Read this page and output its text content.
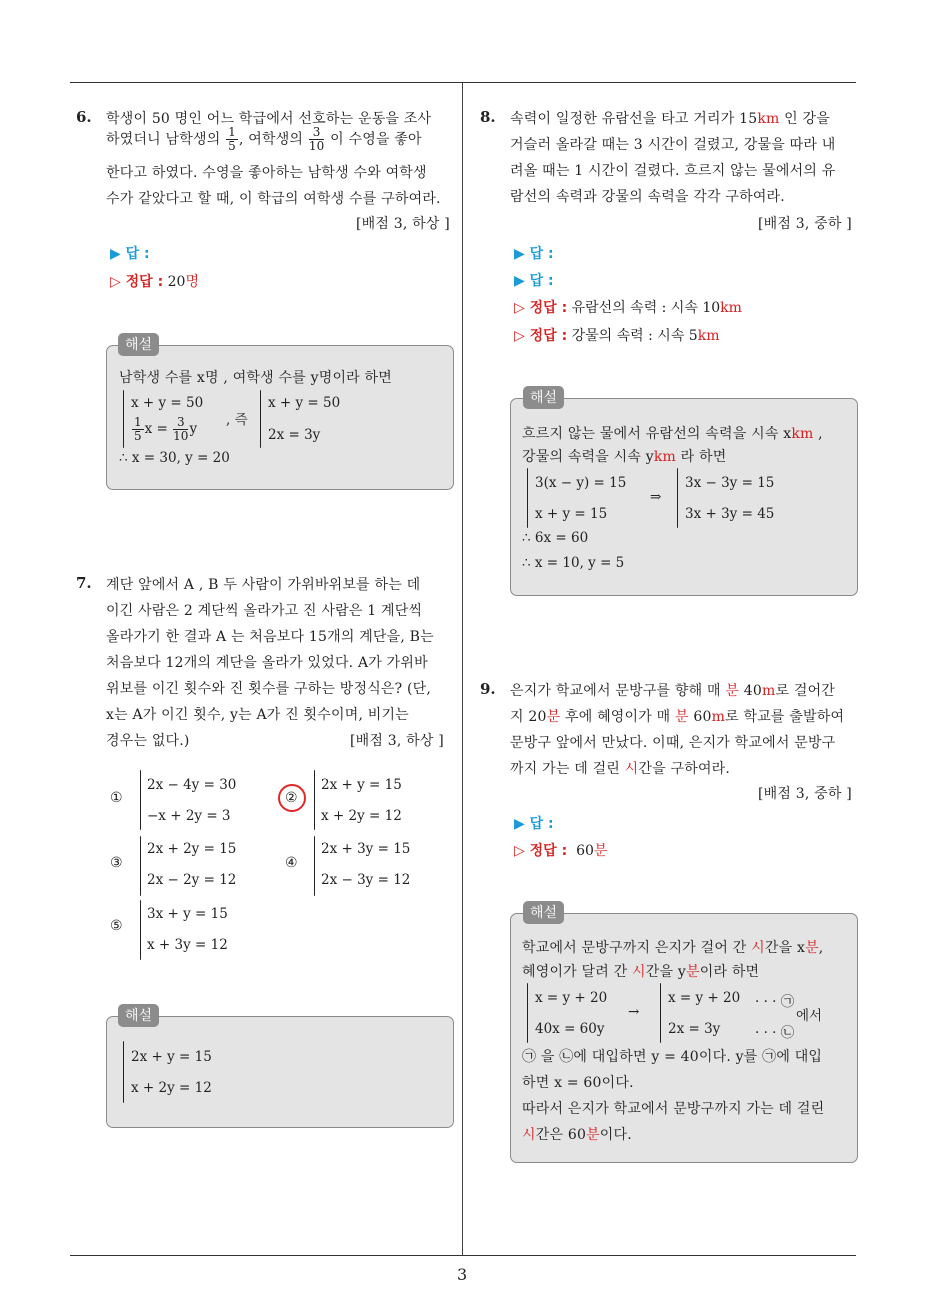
3
6. 학생이 50 명인 어느 학급에서 선호하는 운동을 조사
하였더니 남학생의 $\frac{1}{5}$ , 여학생의 $\frac{3}{10}$ 이 수영을 좋아
한다고 하였다. 수영을 좋아하는 남학생 수와 여학생
수가 같았다고 할 때, 이 학급의 여학생 수를 구하여라.
[배점 3, 하상 ]
▶ 답 :
▷ 정답 : 20명
해설
남학생 수를 x명 , 여학생 수를 y명이라 하면
x + y = 50
$\frac{1}{5}$ $x = \frac{3}{10}$ y
, 즉
x + y = 50
2x = 3y
∴ x = 30, y = 20
7. 계단 앞에서 A , B 두 사람이 가위바위보를 하는 데
이긴 사람은 2 계단씩 올라가고 진 사람은 1 계단씩
올라가기 한 결과 A 는 처음보다 15개의 계단을, B는
처음보다 12개의 계단을 올라가 있었다. A가 가위바
위보를 이긴 횟수와 진 횟수를 구하는 방정식은? (단,
x는 A가 이긴 횟수, y는 A가 진 횟수이며, 비기는
경우는 없다.)	[배점 3, 하상 ]
①
2x − 4y = 30
−x + 2y = 3
②
2x + y = 15
x + 2y = 12
③
2x + 2y = 15
2x − 2y = 12
④
2x + 3y = 15
2x − 3y = 12
⑤
3x + y = 15
x + 3y = 12
해설
2x + y = 15
x + 2y = 12
8. 속력이 일정한 유람선을 타고 거리가 15km 인 강을
거슬러 올라갈 때는 3 시간이 걸렸고, 강물을 따라 내
려올 때는 1 시간이 걸렸다. 흐르지 않는 물에서의 유
람선의 속력과 강물의 속력을 각각 구하여라.
[배점 3, 중하 ]
▶ 답 :
▶ 답 :
▷ 정답 : 유람선의 속력 : 시속 10km
▷ 정답 : 강물의 속력 : 시속 5km
해설
흐르지 않는 물에서 유람선의 속력을 시속 xkm ,
강물의 속력을 시속 ykm 라 하면
3(x − y) = 15
x + y = 15
⇒
3x − 3y = 15
3x + 3y = 45
∴ 6x = 60
∴ x = 10, y = 5
9. 은지가 학교에서 문방구를 향해 매 분 40m로 걸어간
지 20분 후에 혜영이가 매 분 60m로 학교를 출발하여
문방구 앞에서 만났다. 이때, 은지가 학교에서 문방구
까지 가는 데 걸린 시간을 구하여라.
[배점 3, 중하 ]
▶ 답 :
▷ 정답 : 60분
해설
학교에서 문방구까지 은지가 걸어 간 시간을 x분,
혜영이가 달려 간 시간을 y분이라 하면
x = y + 20
40x = 60y
→
x = y + 20 · · · ㉠
2x = 3y	· · · ㉡
에서
㉠ 을 ㉡에 대입하면 y = 40이다. y를 ㉠에 대입
하면 x = 60이다.
따라서 은지가 학교에서 문방구까지 가는 데 걸린
시간은 60분이다.
